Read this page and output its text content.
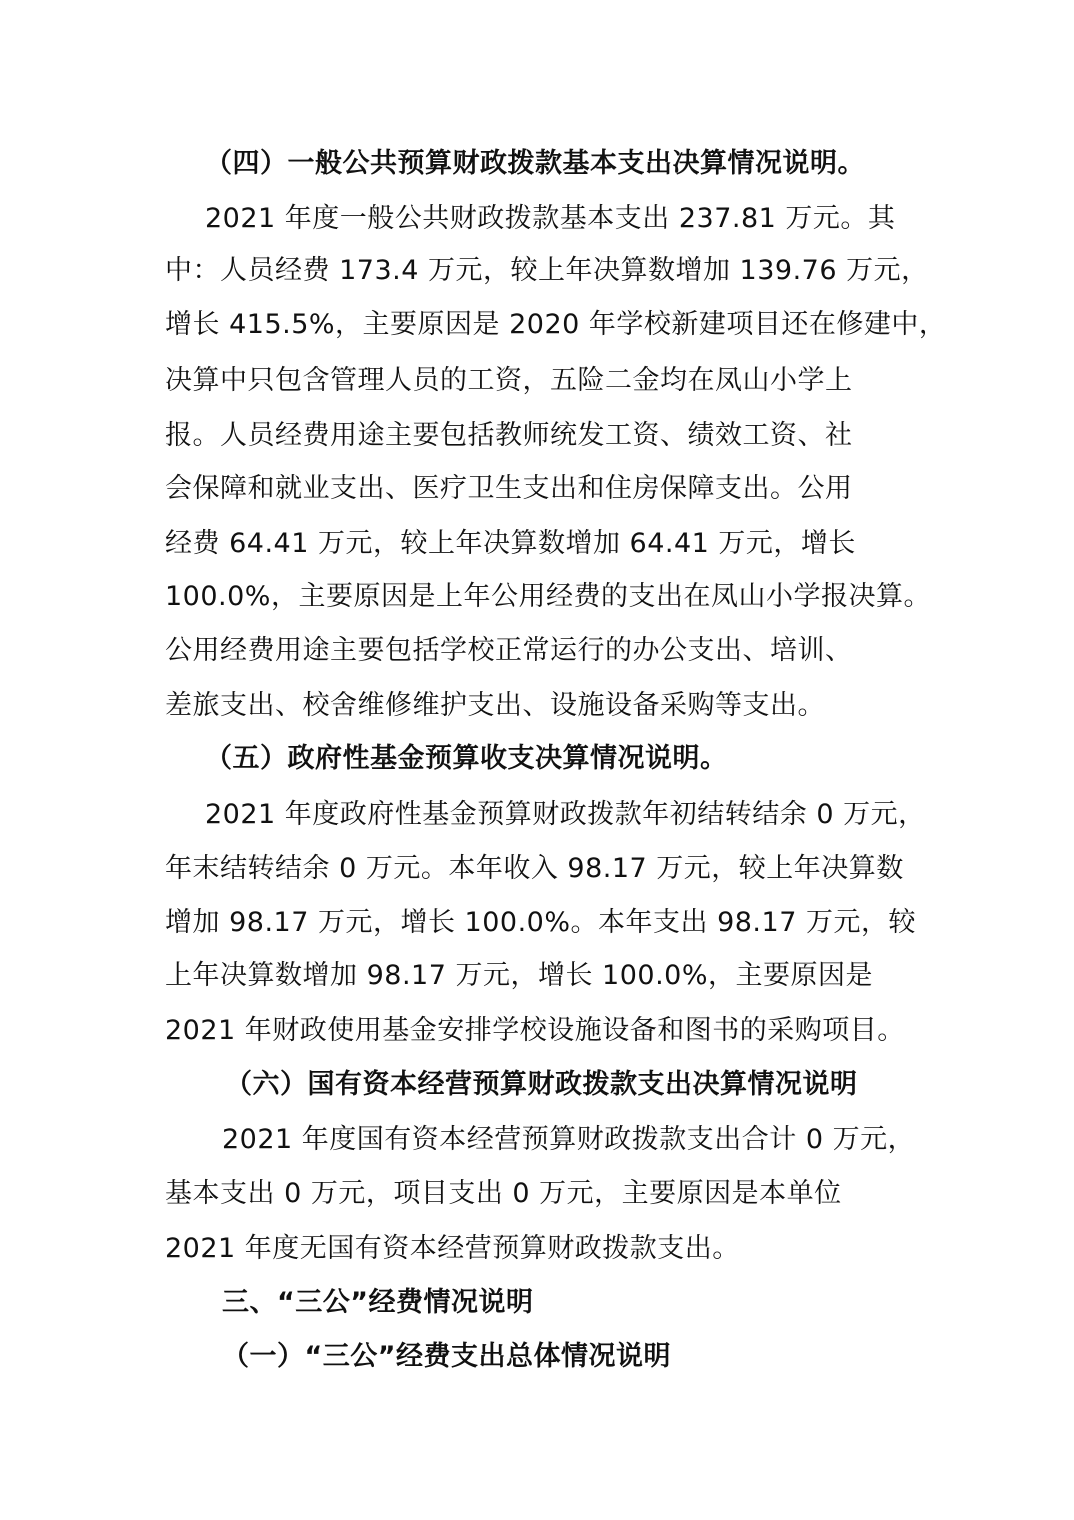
（四）一般公共预算财政拨款基本支出决算情况说明。
2021 年度一般公共财政拨款基本支出 237.81 万元。其
中：人员经费 173.4 万元，较上年决算数增加 139.76 万元，
增长 415.5%，主要原因是 2020 年学校新建项目还在修建中，
决算中只包含管理人员的工资，五险二金均在凤山小学上
报。人员经费用途主要包括教师统发工资、绩效工资、社
会保障和就业支出、医疗卫生支出和住房保障支出。公用
经费 64.41 万元，较上年决算数增加 64.41 万元，增长
100.0%，主要原因是上年公用经费的支出在凤山小学报决算。
公用经费用途主要包括学校正常运行的办公支出、培训、
差旅支出、校舍维修维护支出、设施设备采购等支出。
（五）政府性基金预算收支决算情况说明。
2021 年度政府性基金预算财政拨款年初结转结余 0 万元，
年末结转结余 0 万元。本年收入 98.17 万元，较上年决算数
增加 98.17 万元，增长 100.0%。本年支出 98.17 万元，较
上年决算数增加 98.17 万元，增长 100.0%，主要原因是
2021 年财政使用基金安排学校设施设备和图书的采购项目。
（六）国有资本经营预算财政拨款支出决算情况说明
2021 年度国有资本经营预算财政拨款支出合计 0 万元，
基本支出 0 万元，项目支出 0 万元，主要原因是本单位
2021 年度无国有资本经营预算财政拨款支出。
三、“三公”经费情况说明
（一）“三公”经费支出总体情况说明
